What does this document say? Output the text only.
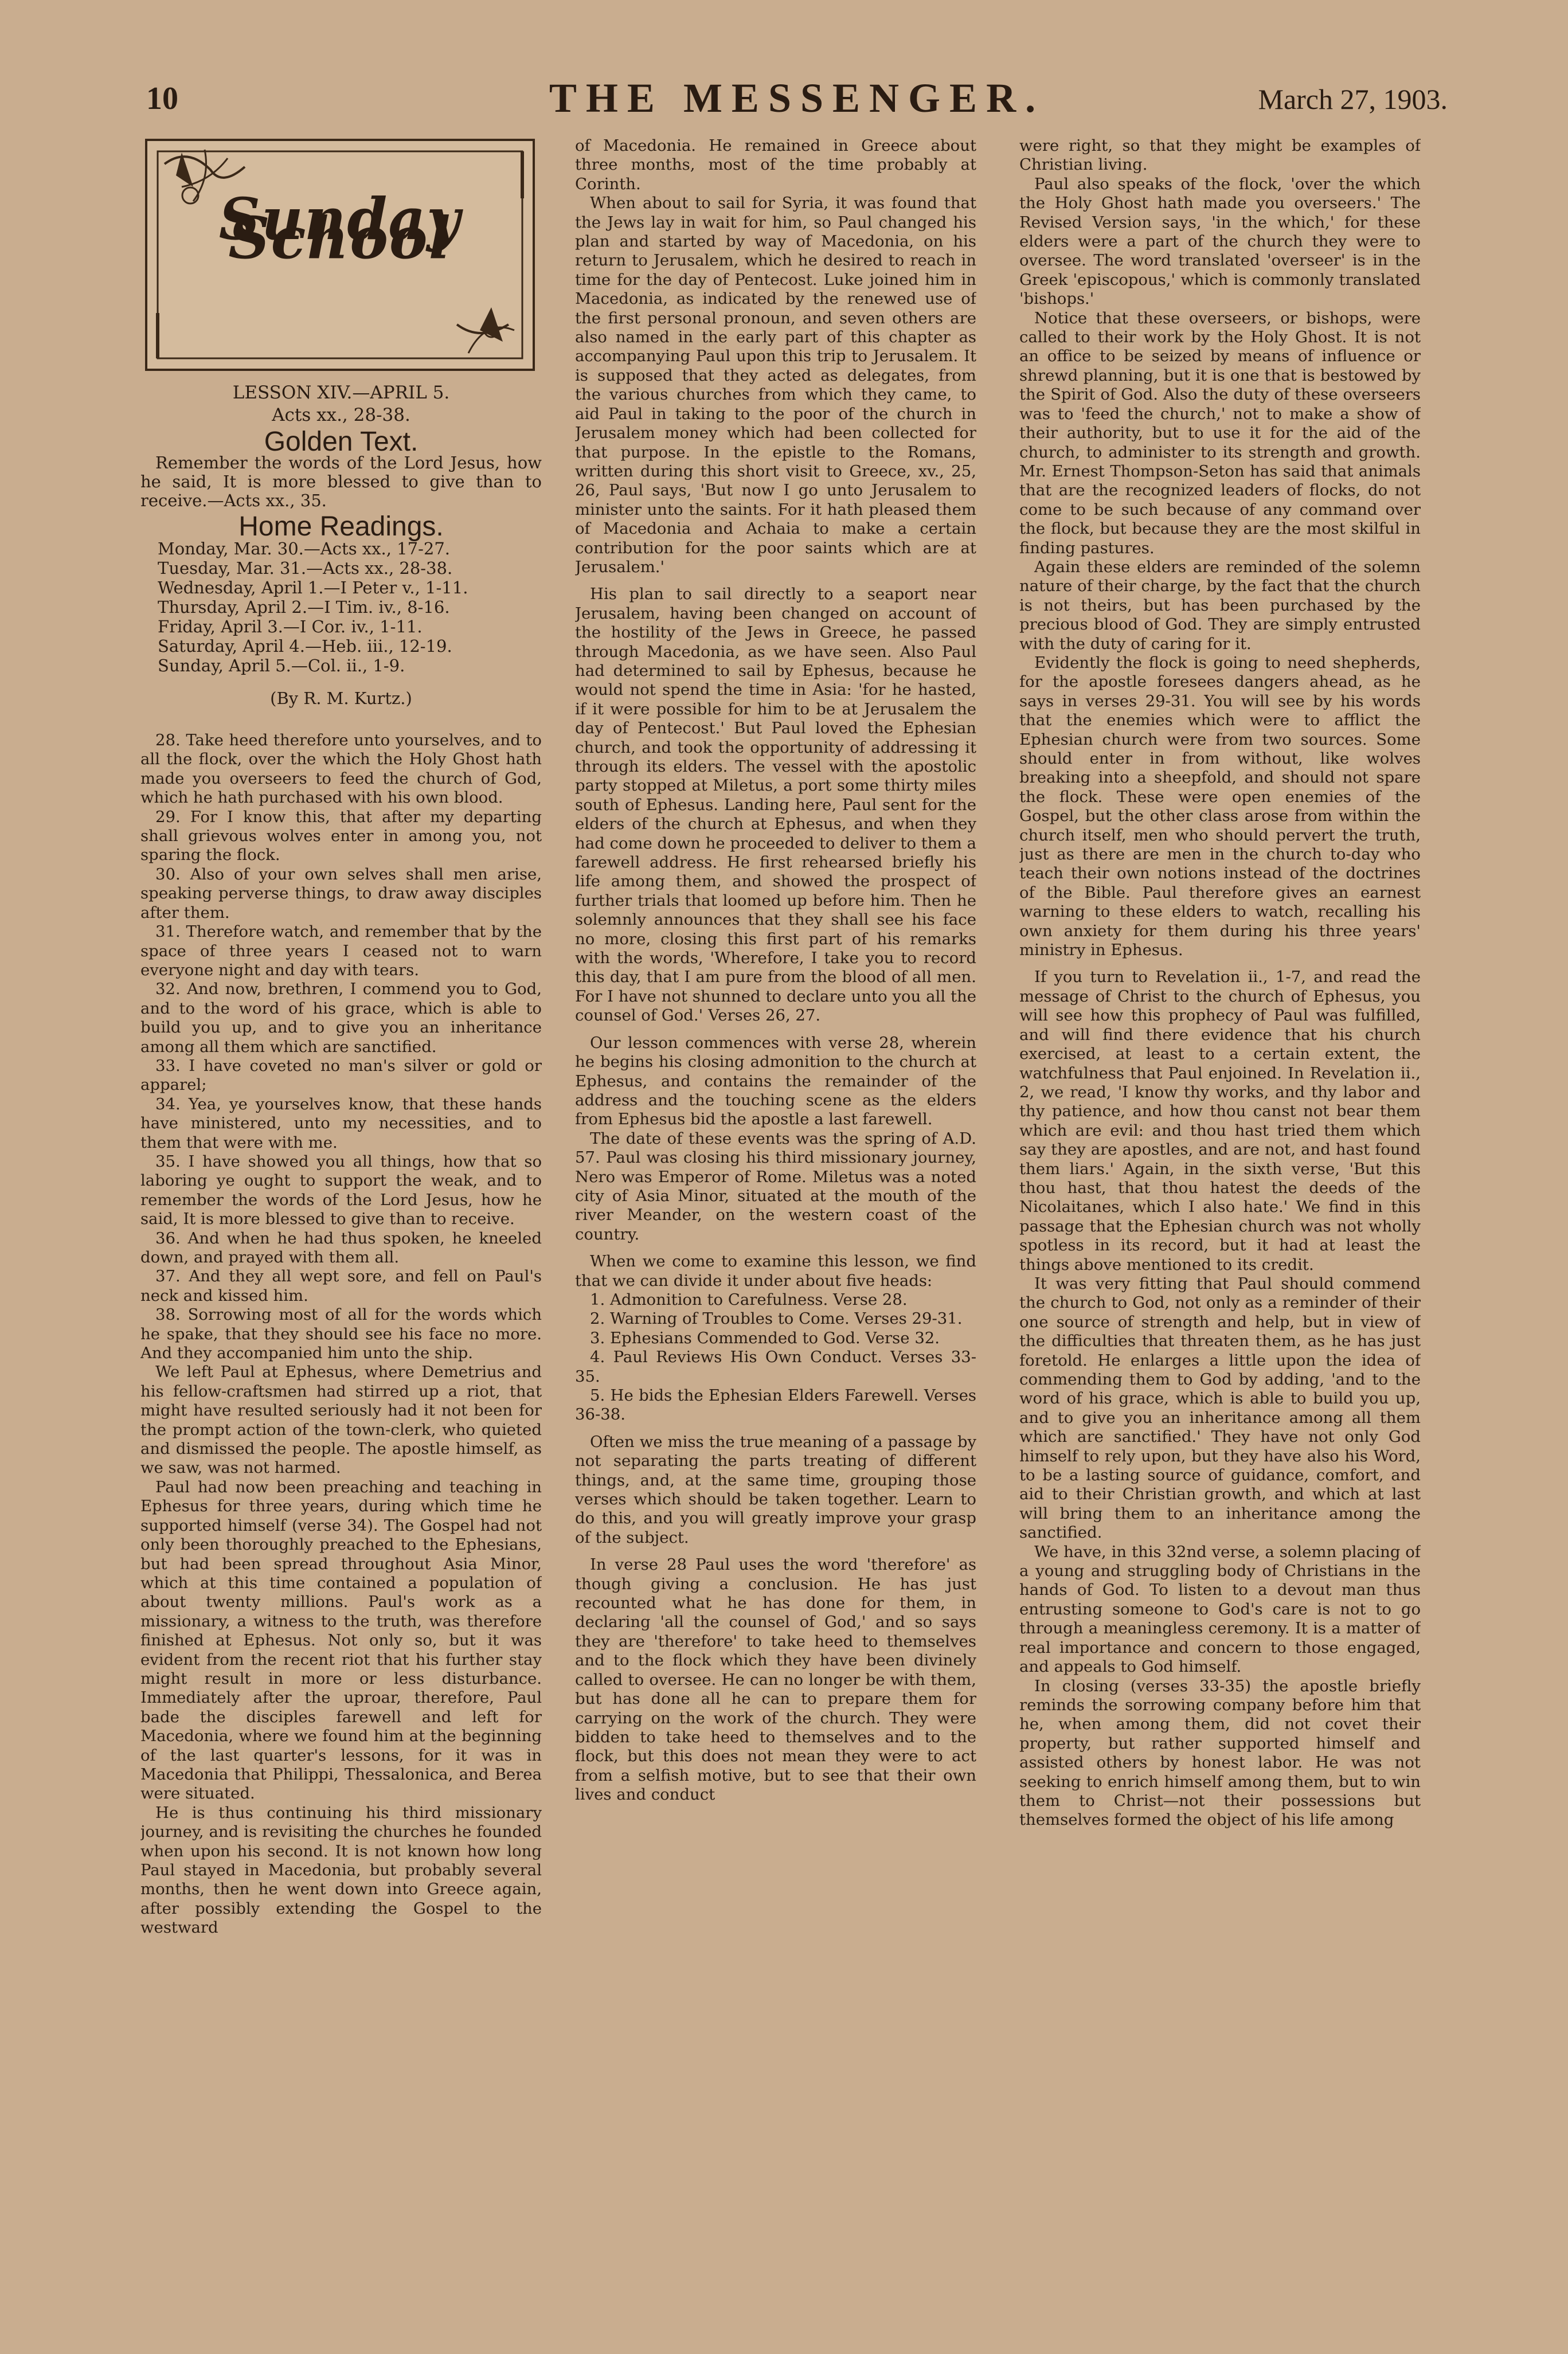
10	THE MESSENGER.	March 27, 1903.
Sunday School
LESSON XIV.—APRIL 5.
Acts xx., 28-38.
Golden Text.

Remember the words of the Lord Jesus, how he said, It is more blessed to give than to receive.—Acts xx., 35.

Home Readings.
Monday, Mar. 30.—Acts xx., 17-27.
Tuesday, Mar. 31.—Acts xx., 28-38.
Wednesday, April 1.—I Peter v., 1-11.
Thursday, April 2.—I Tim. iv., 8-16.
Friday, April 3.—I Cor. iv., 1-11.
Saturday, April 4.—Heb. iii., 12-19.
Sunday, April 5.—Col. ii., 1-9.
(By R. M. Kurtz.)

28. Take heed therefore unto yourselves, and to all the flock, over the which the Holy Ghost hath made you overseers to feed the church of God, which he hath purchased with his own blood.

29. For I know this, that after my departing shall grievous wolves enter in among you, not sparing the flock.

30. Also of your own selves shall men arise, speaking perverse things, to draw away disciples after them.

31. Therefore watch, and remember that by the space of three years I ceased not to warn everyone night and day with tears.

32. And now, brethren, I commend you to God, and to the word of his grace, which is able to build you up, and to give you an inheritance among all them which are sanctified.

33. I have coveted no man's silver or gold or apparel;

34. Yea, ye yourselves know, that these hands have ministered, unto my necessities, and to them that were with me.

35. I have showed you all things, how that so laboring ye ought to support the weak, and to remember the words of the Lord Jesus, how he said, It is more blessed to give than to receive.

36. And when he had thus spoken, he kneeled down, and prayed with them all.

37. And they all wept sore, and fell on Paul's neck and kissed him.

38. Sorrowing most of all for the words which he spake, that they should see his face no more. And they accompanied him unto the ship.

We left Paul at Ephesus, where Demetrius and his fellow-craftsmen had stirred up a riot, that might have resulted seriously had it not been for the prompt action of the town-clerk, who quieted and dismissed the people. The apostle himself, as we saw, was not harmed.

Paul had now been preaching and teaching in Ephesus for three years, during which time he supported himself (verse 34). The Gospel had not only been thoroughly preached to the Ephesians, but had been spread throughout Asia Minor, which at this time contained a population of about twenty millions. Paul's work as a missionary, a witness to the truth, was therefore finished at Ephesus. Not only so, but it was evident from the recent riot that his further stay might result in more or less disturbance. Immediately after the uproar, therefore, Paul bade the disciples farewell and left for Macedonia, where we found him at the beginning of the last quarter's lessons, for it was in Macedonia that Philippi, Thessalonica, and Berea were situated.

He is thus continuing his third missionary journey, and is revisiting the churches he founded when upon his second. It is not known how long Paul stayed in Macedonia, but probably several months, then he went down into Greece again, after possibly extending the Gospel to the westward

of Macedonia. He remained in Greece about three months, most of the time probably at Corinth.

When about to sail for Syria, it was found that the Jews lay in wait for him, so Paul changed his plan and started by way of Macedonia, on his return to Jerusalem, which he desired to reach in time for the day of Pentecost. Luke joined him in Macedonia, as indicated by the renewed use of the first personal pronoun, and seven others are also named in the early part of this chapter as accompanying Paul upon this trip to Jerusalem. It is supposed that they acted as delegates, from the various churches from which they came, to aid Paul in taking to the poor of the church in Jerusalem money which had been collected for that purpose. In the epistle to the Romans, written during this short visit to Greece, xv., 25, 26, Paul says, 'But now I go unto Jerusalem to minister unto the saints. For it hath pleased them of Macedonia and Achaia to make a certain contribution for the poor saints which are at Jerusalem.'

His plan to sail directly to a seaport near Jerusalem, having been changed on account of the hostility of the Jews in Greece, he passed through Macedonia, as we have seen. Also Paul had determined to sail by Ephesus, because he would not spend the time in Asia: 'for he hasted, if it were possible for him to be at Jerusalem the day of Pentecost.' But Paul loved the Ephesian church, and took the opportunity of addressing it through its elders. The vessel with the apostolic party stopped at Miletus, a port some thirty miles south of Ephesus. Landing here, Paul sent for the elders of the church at Ephesus, and when they had come down he proceeded to deliver to them a farewell address. He first rehearsed briefly his life among them, and showed the prospect of further trials that loomed up before him. Then he solemnly announces that they shall see his face no more, closing this first part of his remarks with the words, 'Wherefore, I take you to record this day, that I am pure from the blood of all men. For I have not shunned to declare unto you all the counsel of God.' Verses 26, 27.

Our lesson commences with verse 28, wherein he begins his closing admonition to the church at Ephesus, and contains the remainder of the address and the touching scene as the elders from Ephesus bid the apostle a last farewell.

The date of these events was the spring of A.D. 57. Paul was closing his third missionary journey, Nero was Emperor of Rome. Miletus was a noted city of Asia Minor, situated at the mouth of the river Meander, on the western coast of the country.

When we come to examine this lesson, we find that we can divide it under about five heads:

1. Admonition to Carefulness. Verse 28.

2. Warning of Troubles to Come. Verses 29-31.

3. Ephesians Commended to God. Verse 32.

4. Paul Reviews His Own Conduct. Verses 33-35.

5. He bids the Ephesian Elders Farewell. Verses 36-38.

Often we miss the true meaning of a passage by not separating the parts treating of different things, and, at the same time, grouping those verses which should be taken together. Learn to do this, and you will greatly improve your grasp of the subject.

In verse 28 Paul uses the word 'therefore' as though giving a conclusion. He has just recounted what he has done for them, in declaring 'all the counsel of God,' and so says they are 'therefore' to take heed to themselves and to the flock which they have been divinely called to oversee. He can no longer be with them, but has done all he can to prepare them for carrying on the work of the church. They were bidden to take heed to themselves and to the flock, but this does not mean they were to act from a selfish motive, but to see that their own lives and conduct

were right, so that they might be examples of Christian living.

Paul also speaks of the flock, 'over the which the Holy Ghost hath made you overseers.' The Revised Version says, 'in the which,' for these elders were a part of the church they were to oversee. The word translated 'overseer' is in the Greek 'episcopous,' which is commonly translated 'bishops.'

Notice that these overseers, or bishops, were called to their work by the Holy Ghost. It is not an office to be seized by means of influence or shrewd planning, but it is one that is bestowed by the Spirit of God. Also the duty of these overseers was to 'feed the church,' not to make a show of their authority, but to use it for the aid of the church, to administer to its strength and growth. Mr. Ernest Thompson-Seton has said that animals that are the recognized leaders of flocks, do not come to be such because of any command over the flock, but because they are the most skilful in finding pastures.

Again these elders are reminded of the solemn nature of their charge, by the fact that the church is not theirs, but has been purchased by the precious blood of God. They are simply entrusted with the duty of caring for it.

Evidently the flock is going to need shepherds, for the apostle foresees dangers ahead, as he says in verses 29-31. You will see by his words that the enemies which were to afflict the Ephesian church were from two sources. Some should enter in from without, like wolves breaking into a sheepfold, and should not spare the flock. These were open enemies of the Gospel, but the other class arose from within the church itself, men who should pervert the truth, just as there are men in the church to-day who teach their own notions instead of the doctrines of the Bible. Paul therefore gives an earnest warning to these elders to watch, recalling his own anxiety for them during his three years' ministry in Ephesus.

If you turn to Revelation ii., 1-7, and read the message of Christ to the church of Ephesus, you will see how this prophecy of Paul was fulfilled, and will find there evidence that his church exercised, at least to a certain extent, the watchfulness that Paul enjoined. In Revelation ii., 2, we read, 'I know thy works, and thy labor and thy patience, and how thou canst not bear them which are evil: and thou hast tried them which say they are apostles, and are not, and hast found them liars.' Again, in the sixth verse, 'But this thou hast, that thou hatest the deeds of the Nicolaitanes, which I also hate.' We find in this passage that the Ephesian church was not wholly spotless in its record, but it had at least the things above mentioned to its credit.

It was very fitting that Paul should commend the church to God, not only as a reminder of their one source of strength and help, but in view of the difficulties that threaten them, as he has just foretold. He enlarges a little upon the idea of commending them to God by adding, 'and to the word of his grace, which is able to build you up, and to give you an inheritance among all them which are sanctified.' They have not only God himself to rely upon, but they have also his Word, to be a lasting source of guidance, comfort, and aid to their Christian growth, and which at last will bring them to an inheritance among the sanctified.

We have, in this 32nd verse, a solemn placing of a young and struggling body of Christians in the hands of God. To listen to a devout man thus entrusting someone to God's care is not to go through a meaningless ceremony. It is a matter of real importance and concern to those engaged, and appeals to God himself.

In closing (verses 33-35) the apostle briefly reminds the sorrowing company before him that he, when among them, did not covet their property, but rather supported himself and assisted others by honest labor. He was not seeking to enrich himself among them, but to win them to Christ—not their possessions but themselves formed the object of his life among
